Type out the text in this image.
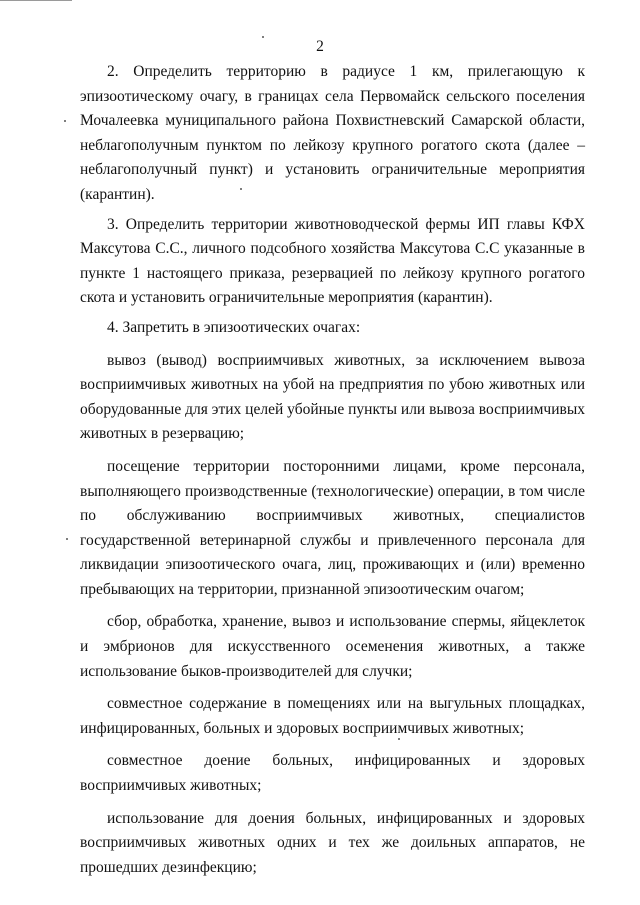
2

2. Определить территорию в радиусе 1 км, прилегающую к эпизоотическому очагу, в границах села Первомайск сельского поселения Мочалеевка муниципального района Похвистневский Самарской области, неблагополучным пунктом по лейкозу крупного рогатого скота (далее – неблагополучный пункт) и установить ограничительные мероприятия (карантин).

3. Определить территории животноводческой фермы ИП главы КФХ Максутова С.С., личного подсобного хозяйства Максутова С.С указанные в пункте 1 настоящего приказа, резервацией по лейкозу крупного рогатого скота и установить ограничительные мероприятия (карантин).

4. Запретить в эпизоотических очагах:

вывоз (вывод) восприимчивых животных, за исключением вывоза восприимчивых животных на убой на предприятия по убою животных или оборудованные для этих целей убойные пункты или вывоза восприимчивых животных в резервацию;

посещение территории посторонними лицами, кроме персонала, выполняющего производственные (технологические) операции, в том числе по обслуживанию восприимчивых животных, специалистов государственной ветеринарной службы и привлеченного персонала для ликвидации эпизоотического очага, лиц, проживающих и (или) временно пребывающих на территории, признанной эпизоотическим очагом;

сбор, обработка, хранение, вывоз и использование спермы, яйцеклеток и эмбрионов для искусственного осеменения животных, а также использование быков-производителей для случки;

совместное содержание в помещениях или на выгульных площадках, инфицированных, больных и здоровых восприимчивых животных;

совместное доение больных, инфицированных и здоровых восприимчивых животных;

использование для доения больных, инфицированных и здоровых восприимчивых животных одних и тех же доильных аппаратов, не прошедших дезинфекцию;
